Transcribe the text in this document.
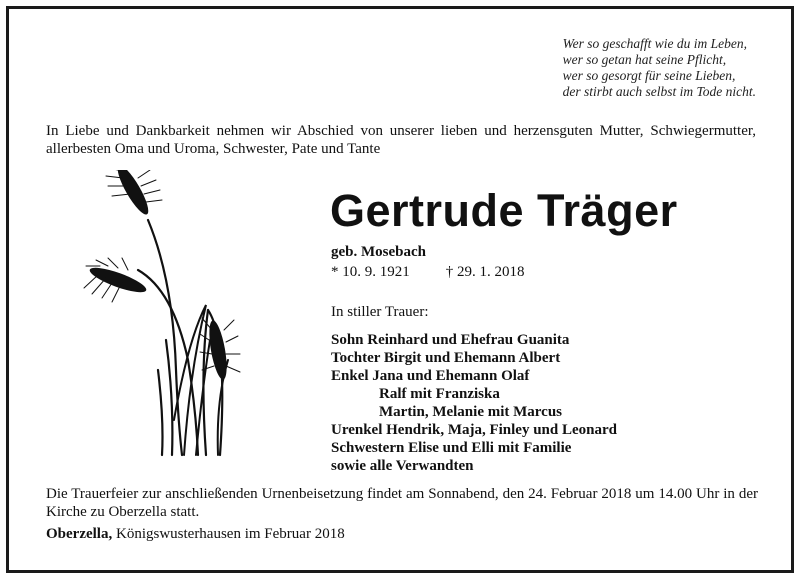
Wer so geschafft wie du im Leben,
wer so getan hat seine Pflicht,
wer so gesorgt für seine Lieben,
der stirbt auch selbst im Tode nicht.
In Liebe und Dankbarkeit nehmen wir Abschied von unserer lieben und herzensguten Mutter, Schwiegermutter, allerbesten Oma und Uroma, Schwester, Pate und Tante
Gertrude Träger
geb. Mosebach
* 10. 9. 1921 † 29. 1. 2018
In stiller Trauer:
Sohn Reinhard und Ehefrau Guanita
Tochter Birgit und Ehemann Albert
Enkel Jana und Ehemann Olaf
Ralf mit Franziska
Martin, Melanie mit Marcus
Urenkel Hendrik, Maja, Finley und Leonard
Schwestern Elise und Elli mit Familie
sowie alle Verwandten
Die Trauerfeier zur anschließenden Urnenbeisetzung findet am Sonnabend, den 24. Februar 2018 um 14.00 Uhr in der Kirche zu Oberzella statt.
Oberzella, Königswusterhausen im Februar 2018
